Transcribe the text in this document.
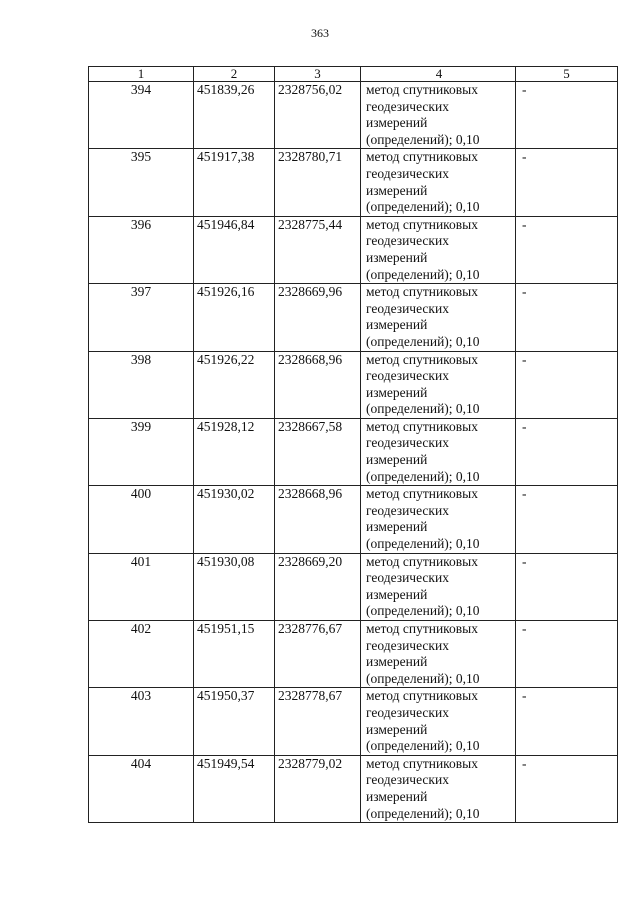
363
1	2	3	4	5
394	451839,26	2328756,02	метод спутниковых
геодезических
измерений
(определений); 0,10	-
395	451917,38	2328780,71	метод спутниковых
геодезических
измерений
(определений); 0,10	-
396	451946,84	2328775,44	метод спутниковых
геодезических
измерений
(определений); 0,10	-
397	451926,16	2328669,96	метод спутниковых
геодезических
измерений
(определений); 0,10	-
398	451926,22	2328668,96	метод спутниковых
геодезических
измерений
(определений); 0,10	-
399	451928,12	2328667,58	метод спутниковых
геодезических
измерений
(определений); 0,10	-
400	451930,02	2328668,96	метод спутниковых
геодезических
измерений
(определений); 0,10	-
401	451930,08	2328669,20	метод спутниковых
геодезических
измерений
(определений); 0,10	-
402	451951,15	2328776,67	метод спутниковых
геодезических
измерений
(определений); 0,10	-
403	451950,37	2328778,67	метод спутниковых
геодезических
измерений
(определений); 0,10	-
404	451949,54	2328779,02	метод спутниковых
геодезических
измерений
(определений); 0,10	-
